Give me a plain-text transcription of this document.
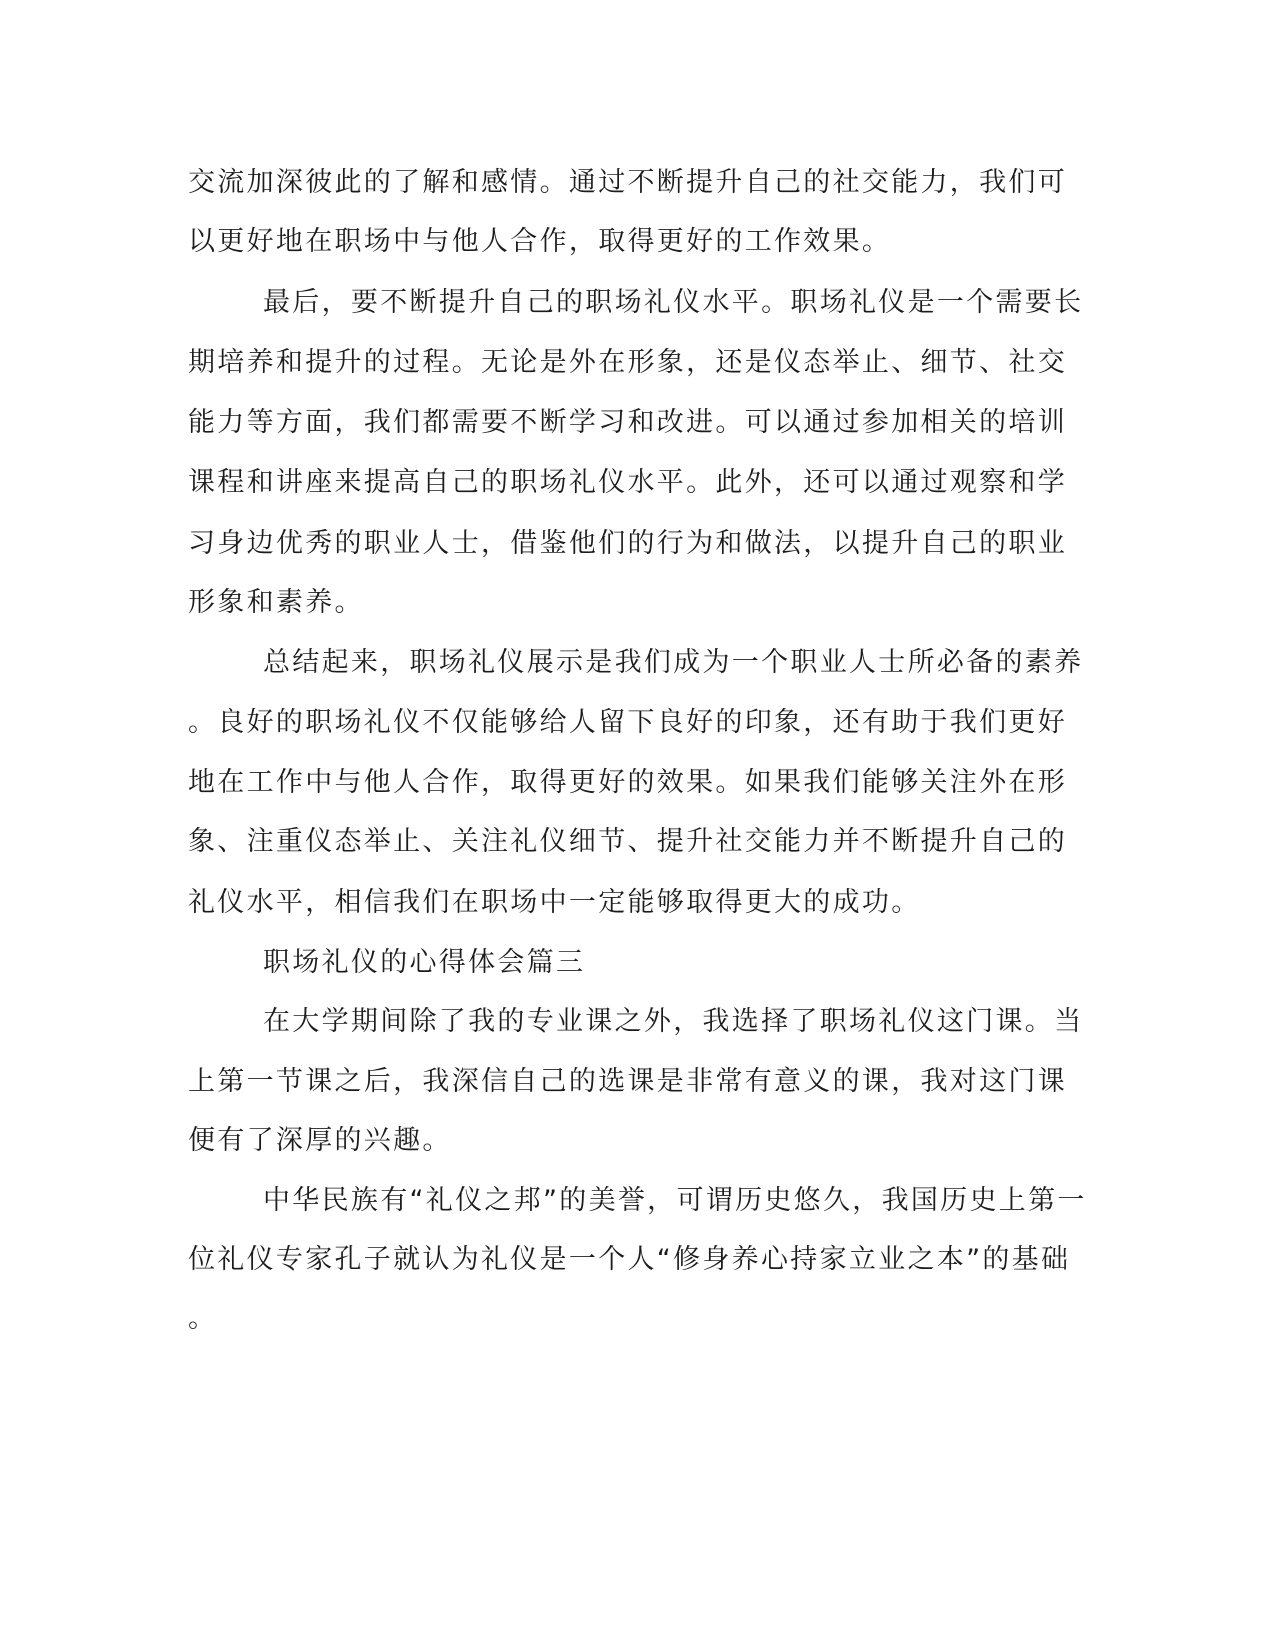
交流加深彼此的了解和感情。通过不断提升自己的社交能力，我们可
以更好地在职场中与他人合作，取得更好的工作效果。
最后，要不断提升自己的职场礼仪水平。职场礼仪是一个需要长
期培养和提升的过程。无论是外在形象，还是仪态举止、细节、社交
能力等方面，我们都需要不断学习和改进。可以通过参加相关的培训
课程和讲座来提高自己的职场礼仪水平。此外，还可以通过观察和学
习身边优秀的职业人士，借鉴他们的行为和做法，以提升自己的职业
形象和素养。
总结起来，职场礼仪展示是我们成为一个职业人士所必备的素养
。良好的职场礼仪不仅能够给人留下良好的印象，还有助于我们更好
地在工作中与他人合作，取得更好的效果。如果我们能够关注外在形
象、注重仪态举止、关注礼仪细节、提升社交能力并不断提升自己的
礼仪水平，相信我们在职场中一定能够取得更大的成功。
职场礼仪的心得体会篇三
在大学期间除了我的专业课之外，我选择了职场礼仪这门课。当
上第一节课之后，我深信自己的选课是非常有意义的课，我对这门课
便有了深厚的兴趣。
中华民族有“礼仪之邦”的美誉，可谓历史悠久，我国历史上第一
位礼仪专家孔子就认为礼仪是一个人“修身养心持家立业之本”的基础
。
